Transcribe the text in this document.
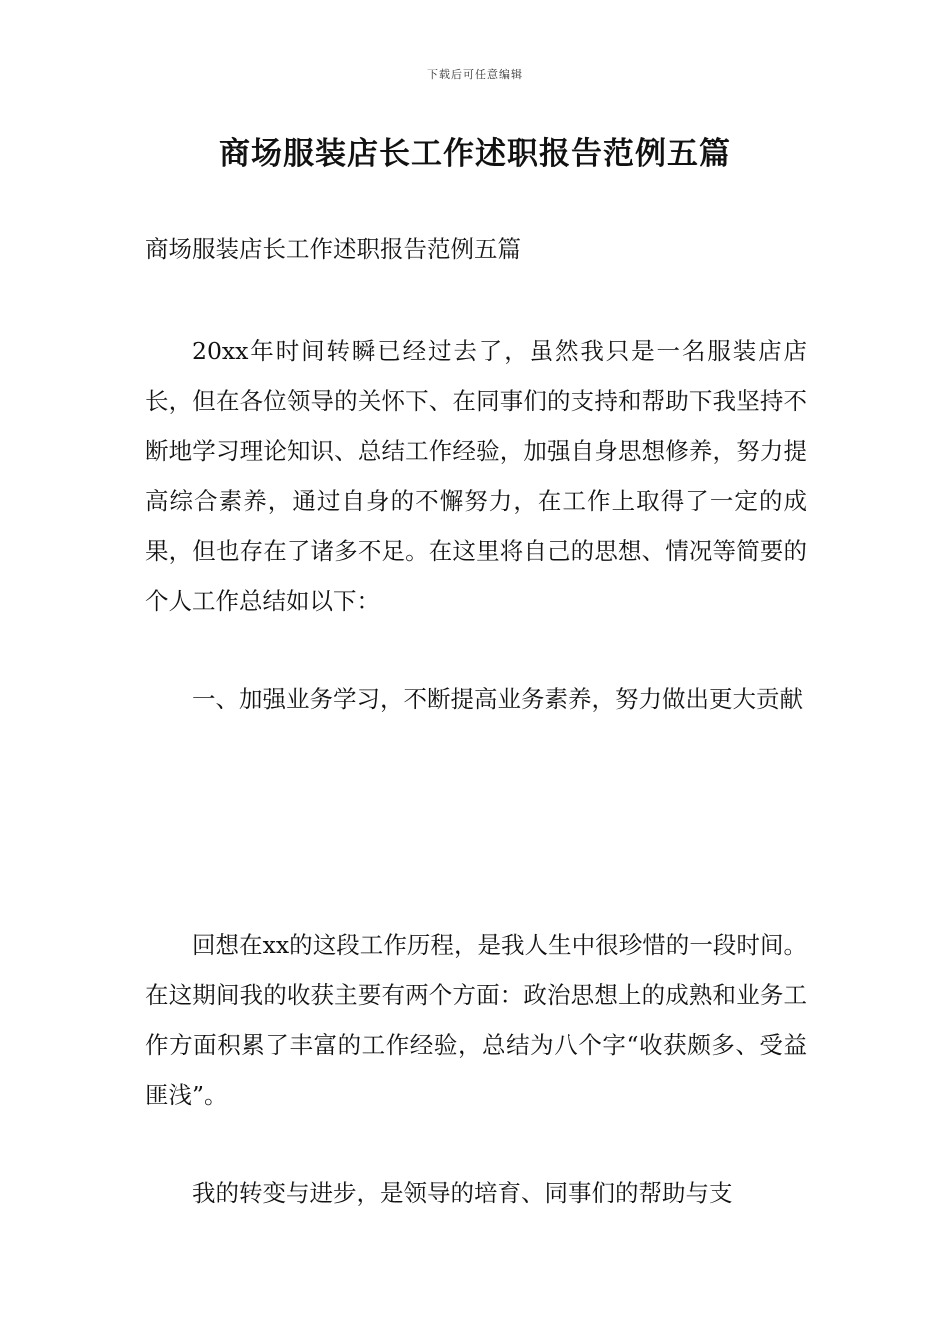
下载后可任意编辑
商场服装店长工作述职报告范例五篇

商场服装店长工作述职报告范例五篇

20xx年时间转瞬已经过去了，虽然我只是一名服装店店长，但在各位领导的关怀下、在同事们的支持和帮助下我坚持不断地学习理论知识、总结工作经验，加强自身思想修养，努力提高综合素养，通过自身的不懈努力，在工作上取得了一定的成果，但也存在了诸多不足。在这里将自己的思想、情况等简要的个人工作总结如以下：

一、加强业务学习，不断提高业务素养，努力做出更大贡献

回想在xx的这段工作历程，是我人生中很珍惜的一段时间。在这期间我的收获主要有两个方面：政治思想上的成熟和业务工作方面积累了丰富的工作经验，总结为八个字“收获颇多、受益匪浅”。

我的转变与进步，是领导的培育、同事们的帮助与支
